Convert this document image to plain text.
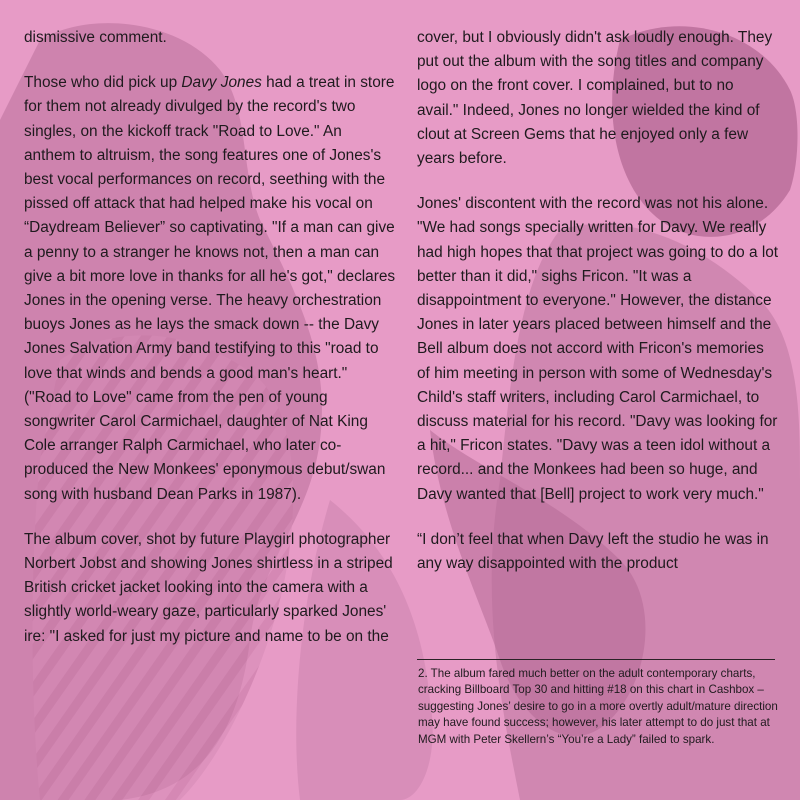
dismissive comment.

Those who did pick up Davy Jones had a treat in store for them not already divulged by the record's two singles, on the kickoff track "Road to Love." An anthem to altruism, the song features one of Jones's best vocal performances on record, seething with the pissed off attack that had helped make his vocal on “Daydream Believer” so captivating. "If a man can give a penny to a stranger he knows not, then a man can give a bit more love in thanks for all he's got," declares Jones in the opening verse. The heavy orchestration buoys Jones as he lays the smack down -- the Davy Jones Salvation Army band testifying to this "road to love that winds and bends a good man's heart." ("Road to Love" came from the pen of young songwriter Carol Carmichael, daughter of Nat King Cole arranger Ralph Carmichael, who later co-produced the New Monkees' eponymous debut/swan song with husband Dean Parks in 1987).

The album cover, shot by future Playgirl photographer Norbert Jobst and showing Jones shirtless in a striped British cricket jacket looking into the camera with a slightly world-weary gaze, particularly sparked Jones' ire: "I asked for just my picture and name to be on the

cover, but I obviously didn't ask loudly enough. They put out the album with the song titles and company logo on the front cover. I complained, but to no avail." Indeed, Jones no longer wielded the kind of clout at Screen Gems that he enjoyed only a few years before.

Jones' discontent with the record was not his alone. "We had songs specially written for Davy. We really had high hopes that that project was going to do a lot better than it did," sighs Fricon. "It was a disappointment to everyone." However, the distance Jones in later years placed between himself and the Bell album does not accord with Fricon's memories of him meeting in person with some of Wednesday's Child's staff writers, including Carol Carmichael, to discuss material for his record. "Davy was looking for a hit," Fricon states. "Davy was a teen idol without a record... and the Monkees had been so huge, and Davy wanted that [Bell] project to work very much."

“I don’t feel that when Davy left the studio he was in any way disappointed with the product

2. The album fared much better on the adult contemporary charts, cracking Billboard Top 30 and hitting #18 on this chart in Cashbox – suggesting Jones’ desire to go in a more overtly adult/mature direction may have found success; however, his later attempt to do just that at MGM with Peter Skellern’s “You’re a Lady” failed to spark.
